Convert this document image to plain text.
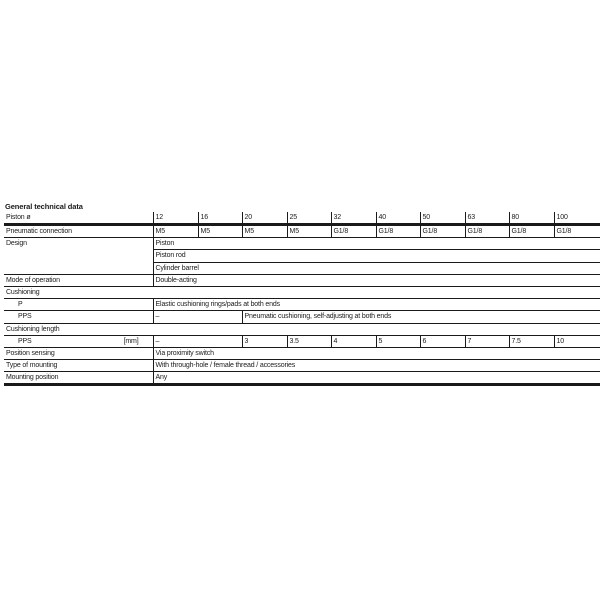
General technical data
Piston ø		12	16	20	25	32	40	50	63	80	100
Pneumatic connection		M5	M5	M5	M5	G1/8	G1/8	G1/8	G1/8	G1/8	G1/8
Design		Piston									
		Piston rod									
		Cylinder barrel									
Mode of operation		Double-acting									
Cushioning											
P		Elastic cushioning rings/pads at both ends									
PPS		–		Pneumatic cushioning, self-adjusting at both ends							
Cushioning length											
PPS	[mm]	–		3	3.5	4	5	6	7	7.5	10
Position sensing		Via proximity switch									
Type of mounting		With through-hole / female thread / accessories									
Mounting position		Any									
